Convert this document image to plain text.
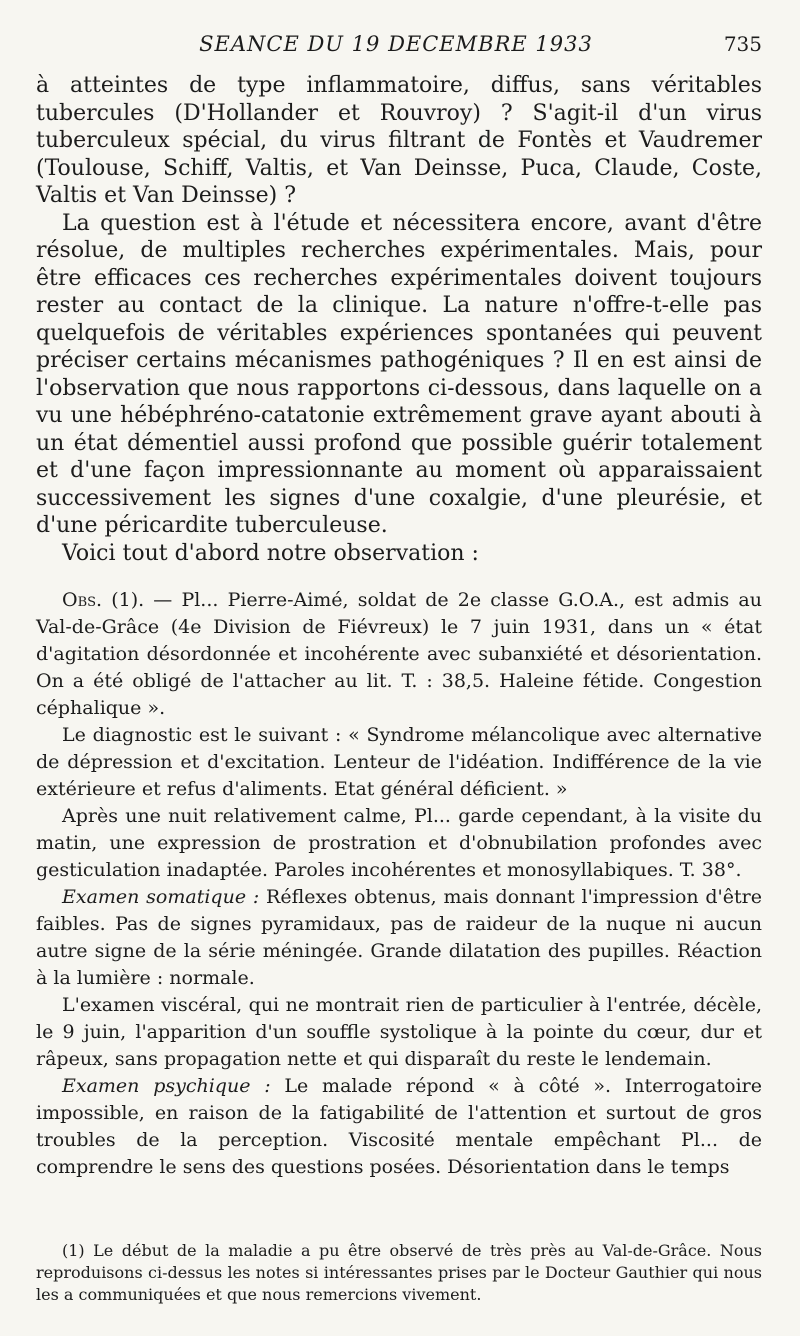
SEANCE DU 19 DECEMBRE 1933	735

à atteintes de type inflammatoire, diffus, sans véritables tubercules (D'Hollander et Rouvroy) ? S'agit-il d'un virus tuberculeux spécial, du virus filtrant de Fontès et Vaudremer (Toulouse, Schiff, Valtis, et Van Deinsse, Puca, Claude, Coste, Valtis et Van Deinsse) ?

La question est à l'étude et nécessitera encore, avant d'être résolue, de multiples recherches expérimentales. Mais, pour être efficaces ces recherches expérimentales doivent toujours rester au contact de la clinique. La nature n'offre-t-elle pas quelquefois de véritables expériences spontanées qui peuvent préciser certains mécanismes pathogéniques ? Il en est ainsi de l'observation que nous rapportons ci-dessous, dans laquelle on a vu une hébéphréno-catatonie extrêmement grave ayant abouti à un état démentiel aussi profond que possible guérir totalement et d'une façon impressionnante au moment où apparaissaient successivement les signes d'une coxalgie, d'une pleurésie, et d'une péricardite tuberculeuse.

Voici tout d'abord notre observation :

Obs. (1). — Pl... Pierre-Aimé, soldat de 2e classe G.O.A., est admis au Val-de-Grâce (4e Division de Fiévreux) le 7 juin 1931, dans un « état d'agitation désordonnée et incohérente avec subanxiété et désorientation. On a été obligé de l'attacher au lit. T. : 38,5. Haleine fétide. Congestion céphalique ».

Le diagnostic est le suivant : « Syndrome mélancolique avec alternative de dépression et d'excitation. Lenteur de l'idéation. Indifférence de la vie extérieure et refus d'aliments. Etat général déficient. »

Après une nuit relativement calme, Pl... garde cependant, à la visite du matin, une expression de prostration et d'obnubilation profondes avec gesticulation inadaptée. Paroles incohérentes et monosyllabiques. T. 38°.

Examen somatique : Réflexes obtenus, mais donnant l'impression d'être faibles. Pas de signes pyramidaux, pas de raideur de la nuque ni aucun autre signe de la série méningée. Grande dilatation des pupilles. Réaction à la lumière : normale.

L'examen viscéral, qui ne montrait rien de particulier à l'entrée, décèle, le 9 juin, l'apparition d'un souffle systolique à la pointe du cœur, dur et râpeux, sans propagation nette et qui disparaît du reste le lendemain.

Examen psychique : Le malade répond « à côté ». Interrogatoire impossible, en raison de la fatigabilité de l'attention et surtout de gros troubles de la perception. Viscosité mentale empêchant Pl... de comprendre le sens des questions posées. Désorientation dans le temps

(1) Le début de la maladie a pu être observé de très près au Val-de-Grâce. Nous reproduisons ci-dessus les notes si intéressantes prises par le Docteur Gauthier qui nous les a communiquées et que nous remercions vivement.
